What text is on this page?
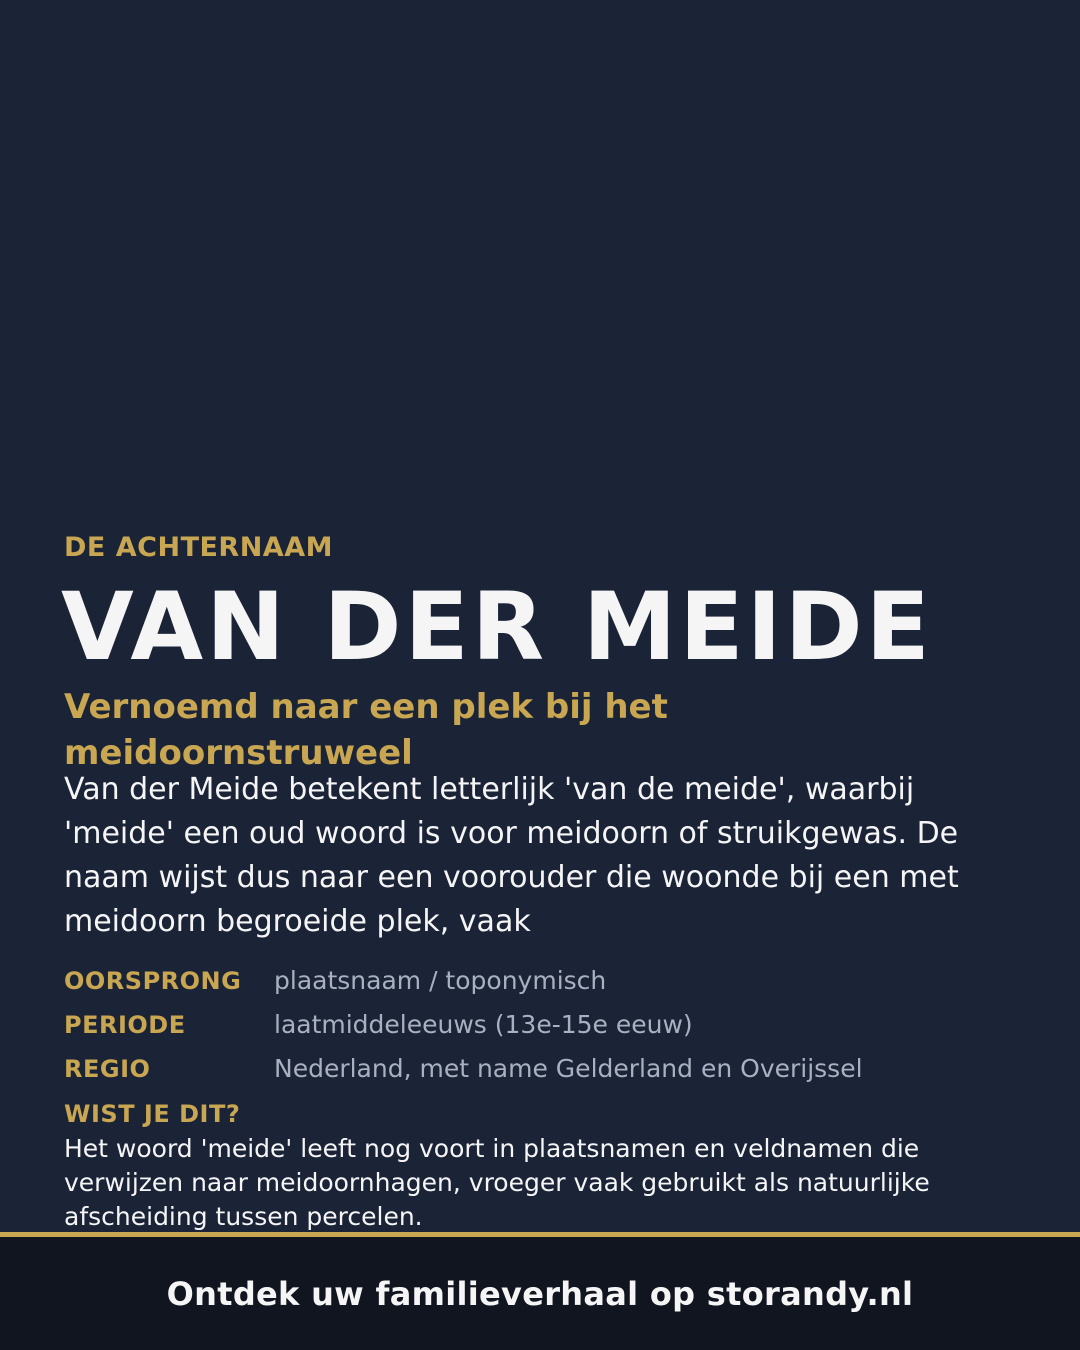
DE ACHTERNAAM

VAN DER MEIDE
Vernoemd naar een plek bij het meidoornstruweel

Van der Meide betekent letterlijk 'van de meide', waarbij 'meide' een oud woord is voor meidoorn of struikgewas. De naam wijst dus naar een voorouder die woonde bij een met meidoorn begroeide plek, vaak

OORSPRONG	plaatsnaam / toponymisch
PERIODE	laatmiddeleeuws (13e-15e eeuw)
REGIO	Nederland, met name Gelderland en Overijssel

WIST JE DIT?

Het woord 'meide' leeft nog voort in plaatsnamen en veldnamen die verwijzen naar meidoornhagen, vroeger vaak gebruikt als natuurlijke afscheiding tussen percelen.

Ontdek uw familieverhaal op storandy.nl
